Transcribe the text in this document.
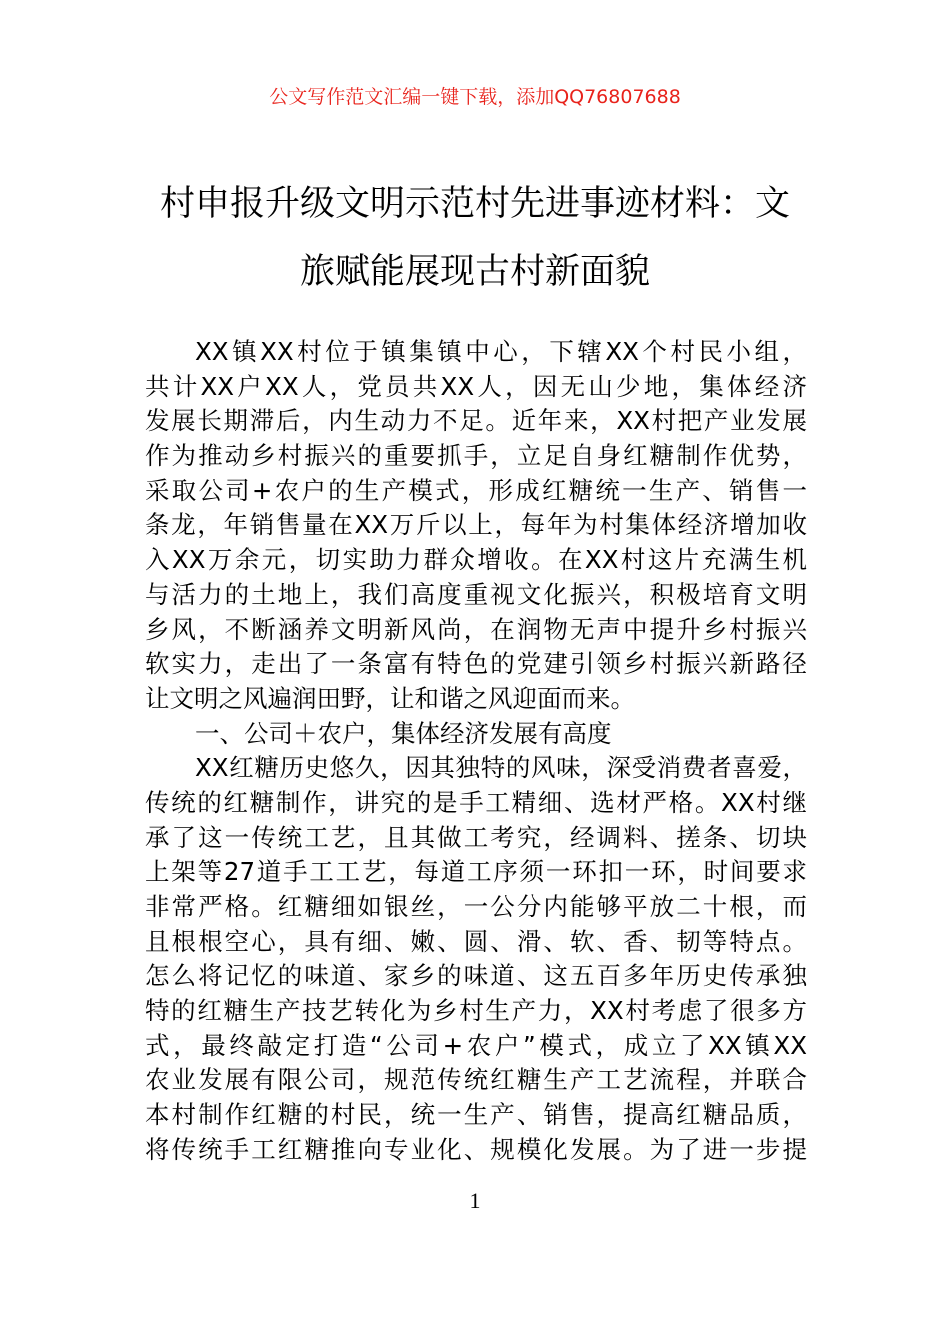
公文写作范文汇编一键下载，添加QQ76807688
村申报升级文明示范村先进事迹材料：文
旅赋能展现古村新面貌
XX镇XX村位于镇集镇中心，下辖XX个村民小组，
共计XX户XX人，党员共XX人，因无山少地，集体经济
发展长期滞后，内生动力不足。近年来，XX村把产业发展
作为推动乡村振兴的重要抓手，立足自身红糖制作优势，
采取公司+农户的生产模式，形成红糖统一生产、销售一
条龙，年销售量在XX万斤以上，每年为村集体经济增加收
入XX万余元，切实助力群众增收。在XX村这片充满生机
与活力的土地上，我们高度重视文化振兴，积极培育文明
乡风，不断涵养文明新风尚，在润物无声中提升乡村振兴
软实力，走出了一条富有特色的党建引领乡村振兴新路径
让文明之风遍润田野，让和谐之风迎面而来。
一、公司＋农户，集体经济发展有高度
XX红糖历史悠久，因其独特的风味，深受消费者喜爱，
传统的红糖制作，讲究的是手工精细、选材严格。XX村继
承了这一传统工艺，且其做工考究，经调料、搓条、切块
上架等27道手工工艺，每道工序须一环扣一环，时间要求
非常严格。红糖细如银丝，一公分内能够平放二十根，而
且根根空心，具有细、嫩、圆、滑、软、香、韧等特点。
怎么将记忆的味道、家乡的味道、这五百多年历史传承独
特的红糖生产技艺转化为乡村生产力，XX村考虑了很多方
式，最终敲定打造“公司+农户”模式，成立了XX镇XX
农业发展有限公司，规范传统红糖生产工艺流程，并联合
本村制作红糖的村民，统一生产、销售，提高红糖品质，
将传统手工红糖推向专业化、规模化发展。为了进一步提
1
